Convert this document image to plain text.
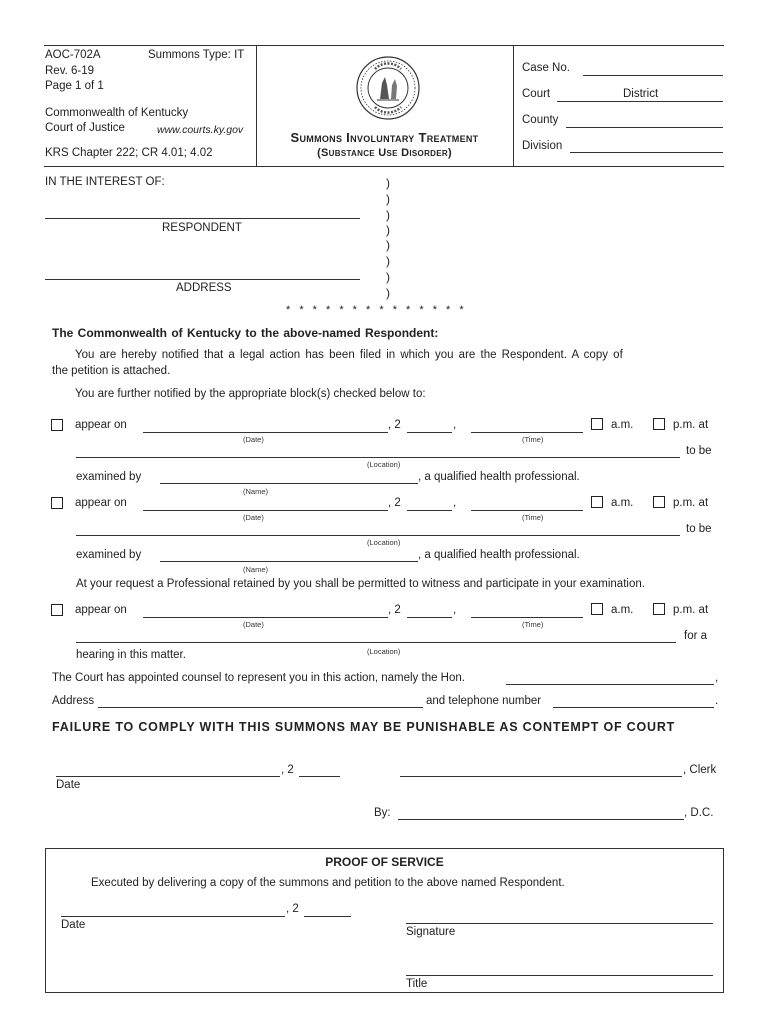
AOC-702A	Summons Type: IT
Rev. 6-19
Page 1 of 1
Commonwealth of Kentucky
Court of Justice	www.courts.ky.gov
KRS Chapter 222; CR 4.01; 4.02
Summons Involuntary Treatment
(Substance Use Disorder)
Case No.
Court	District
County
Division
IN THE INTEREST OF:
RESPONDENT
ADDRESS
)
)
)
)
)
)
)
)
* * * * * * * * * * * * * *
The Commonwealth of Kentucky to the above-named Respondent:
You are hereby notified that a legal action has been filed in which you are the Respondent. A copy of
the petition is attached.
You are further notified by the appropriate block(s) checked below to:
appear on
(Date)
, 2	,
(Time)
a.m.	p.m. at
to be
(Location)
examined by	, a qualified health professional.
(Name)
appear on
(Date)
, 2	,
(Time)
a.m.	p.m. at
to be
(Location)
examined by	, a qualified health professional.
(Name)
At your request a Professional retained by you shall be permitted to witness and participate in your examination.
appear on
(Date)
, 2	,
(Time)
a.m.	p.m. at
for a
(Location)
hearing in this matter.
The Court has appointed counsel to represent you in this action, namely the Hon.	,
Address	and telephone number	.
FAILURE TO COMPLY WITH THIS SUMMONS MAY BE PUNISHABLE AS CONTEMPT OF COURT
, 2
Date
, Clerk
By:	, D.C.
PROOF OF SERVICE
Executed by delivering a copy of the summons and petition to the above named Respondent.
, 2
Date
Signature
Title
